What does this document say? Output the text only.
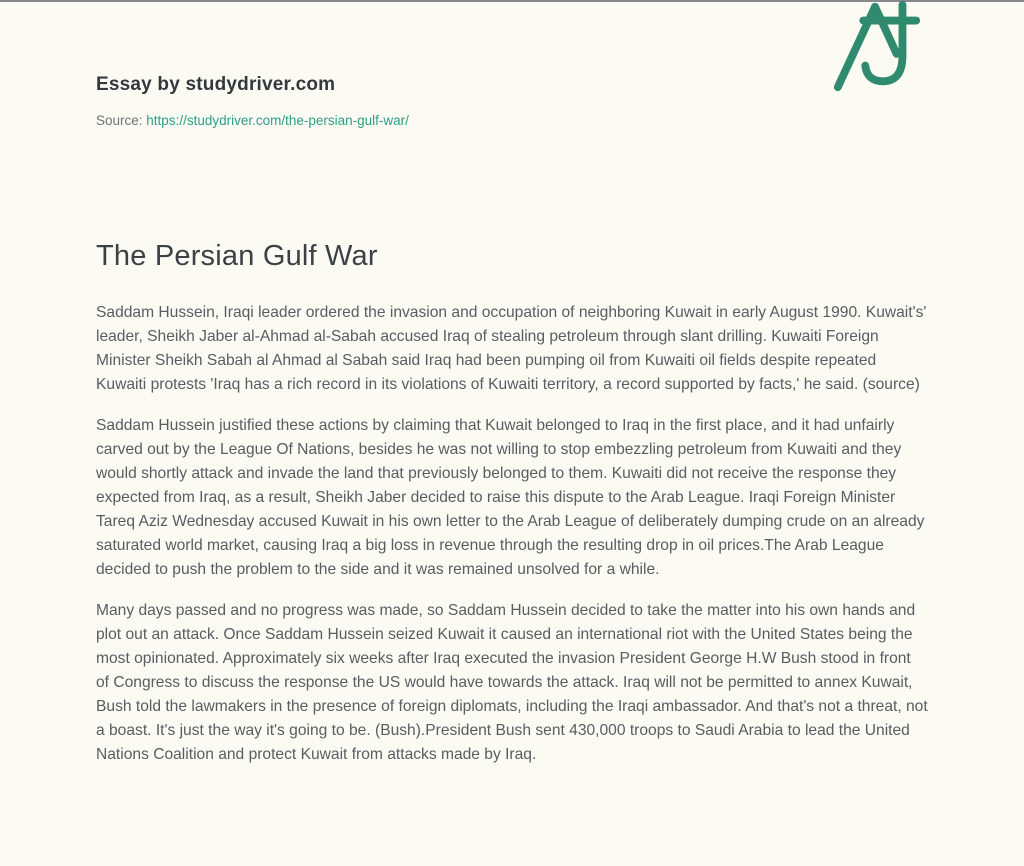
Essay by studydriver.com

Source: https://studydriver.com/the-persian-gulf-war/

The Persian Gulf War

Saddam Hussein, Iraqi leader ordered the invasion and occupation of neighboring Kuwait in early August 1990. Kuwait's' leader, Sheikh Jaber al-Ahmad al-Sabah accused Iraq of stealing petroleum through slant drilling. Kuwaiti Foreign Minister Sheikh Sabah al Ahmad al Sabah said Iraq had been pumping oil from Kuwaiti oil fields despite repeated Kuwaiti protests 'Iraq has a rich record in its violations of Kuwaiti territory, a record supported by facts,' he said. (source)

Saddam Hussein justified these actions by claiming that Kuwait belonged to Iraq in the first place, and it had unfairly carved out by the League Of Nations, besides he was not willing to stop embezzling petroleum from Kuwaiti and they would shortly attack and invade the land that previously belonged to them. Kuwaiti did not receive the response they expected from Iraq, as a result, Sheikh Jaber decided to raise this dispute to the Arab League. Iraqi Foreign Minister Tareq Aziz Wednesday accused Kuwait in his own letter to the Arab League of deliberately dumping crude on an already saturated world market, causing Iraq a big loss in revenue through the resulting drop in oil prices.The Arab League decided to push the problem to the side and it was remained unsolved for a while.

Many days passed and no progress was made, so Saddam Hussein decided to take the matter into his own hands and plot out an attack. Once Saddam Hussein seized Kuwait it caused an international riot with the United States being the most opinionated. Approximately six weeks after Iraq executed the invasion President George H.W Bush stood in front of Congress to discuss the response the US would have towards the attack. Iraq will not be permitted to annex Kuwait, Bush told the lawmakers in the presence of foreign diplomats, including the Iraqi ambassador. And that's not a threat, not a boast. It's just the way it's going to be. (Bush).President Bush sent 430,000 troops to Saudi Arabia to lead the United Nations Coalition and protect Kuwait from attacks made by Iraq.
